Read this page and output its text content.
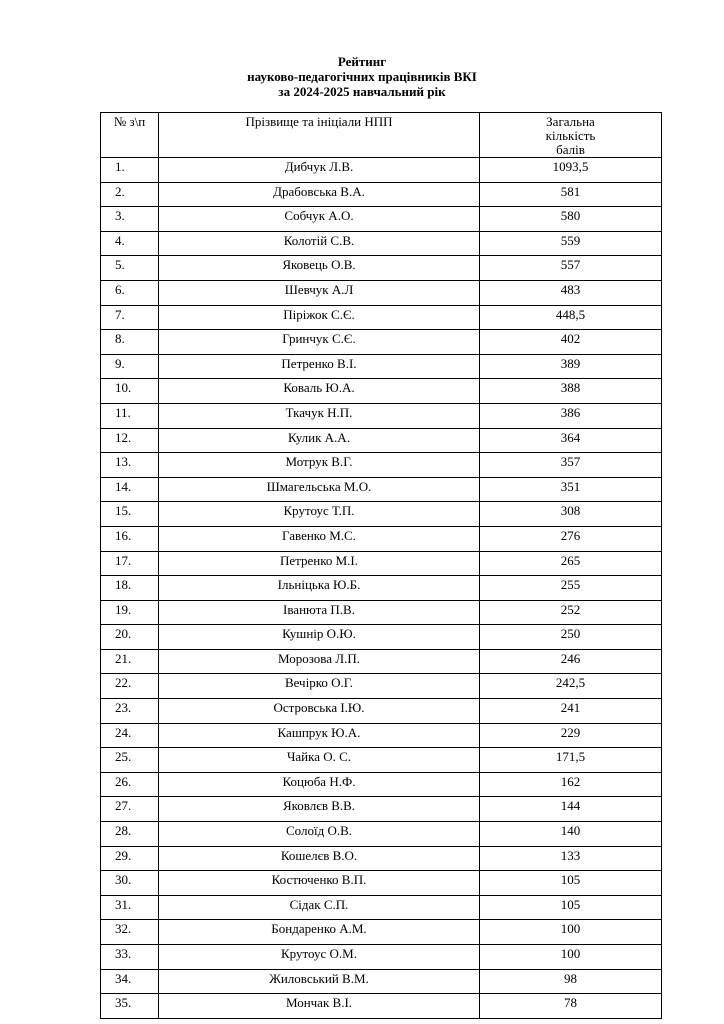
Рейтинг
науково-педагогічних працівників ВКІ
за 2024-2025 навчальний рік
№ з\п	Прізвище та ініціали НПП	Загальна кількість балів
1.	Дибчук Л.В.	1093,5
2.	Драбовська В.А.	581
3.	Собчук А.О.	580
4.	Колотій С.В.	559
5.	Яковець О.В.	557
6.	Шевчук А.Л	483
7.	Піріжок С.Є.	448,5
8.	Гринчук С.Є.	402
9.	Петренко В.І.	389
10.	Коваль Ю.А.	388
11.	Ткачук Н.П.	386
12.	Кулик А.А.	364
13.	Мотрук В.Г.	357
14.	Шмагельська М.О.	351
15.	Крутоус Т.П.	308
16.	Гавенко М.С.	276
17.	Петренко М.І.	265
18.	Ільніцька Ю.Б.	255
19.	Іванюта П.В.	252
20.	Кушнір О.Ю.	250
21.	Морозова Л.П.	246
22.	Вечірко О.Г.	242,5
23.	Островська І.Ю.	241
24.	Кашпрук Ю.А.	229
25.	Чайка О. С.	171,5
26.	Коцюба Н.Ф.	162
27.	Яковлєв В.В.	144
28.	Солоїд О.В.	140
29.	Кошелєв В.О.	133
30.	Костюченко В.П.	105
31.	Сідак С.П.	105
32.	Бондаренко А.М.	100
33.	Крутоус О.М.	100
34.	Жиловський В.М.	98
35.	Мончак В.І.	78
